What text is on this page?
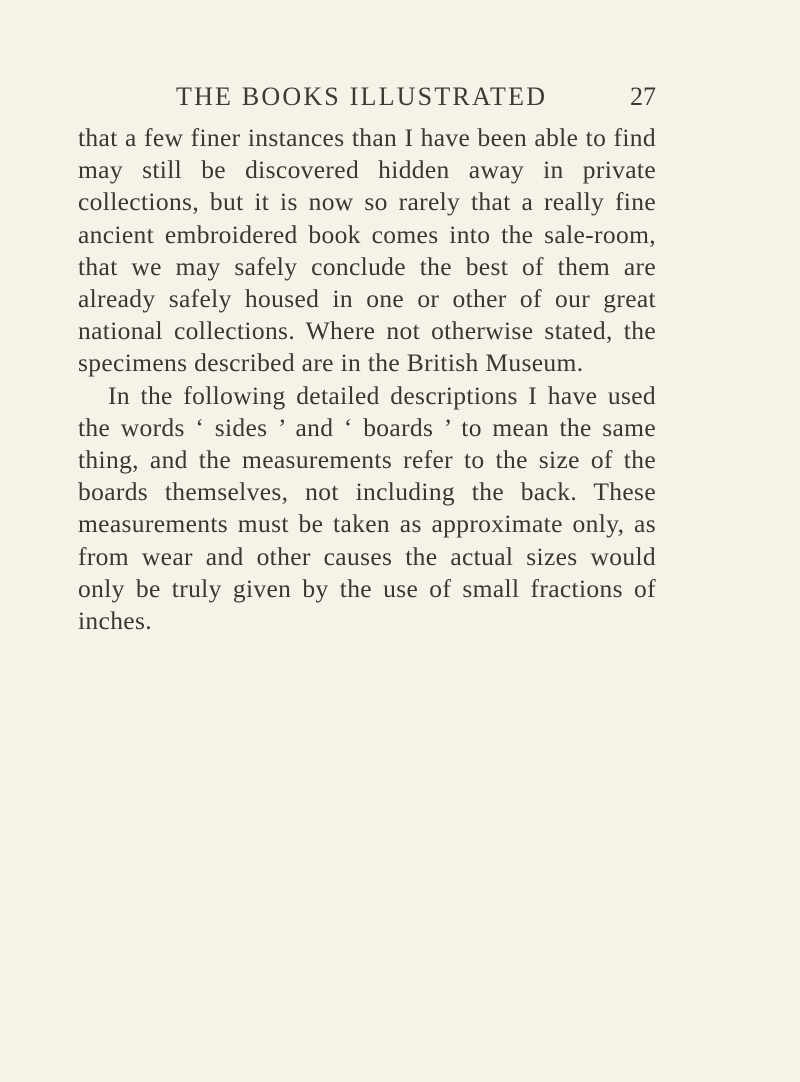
THE BOOKS ILLUSTRATED	27

that a few finer instances than I have been able to find may still be discovered hidden away in private collections, but it is now so rarely that a really fine ancient embroidered book comes into the sale-room, that we may safely conclude the best of them are already safely housed in one or other of our great national collections. Where not otherwise stated, the specimens described are in the British Museum.

In the following detailed descriptions I have used the words ‘ sides ’ and ‘ boards ’ to mean the same thing, and the measurements refer to the size of the boards themselves, not including the back. These measurements must be taken as approximate only, as from wear and other causes the actual sizes would only be truly given by the use of small fractions of inches.
